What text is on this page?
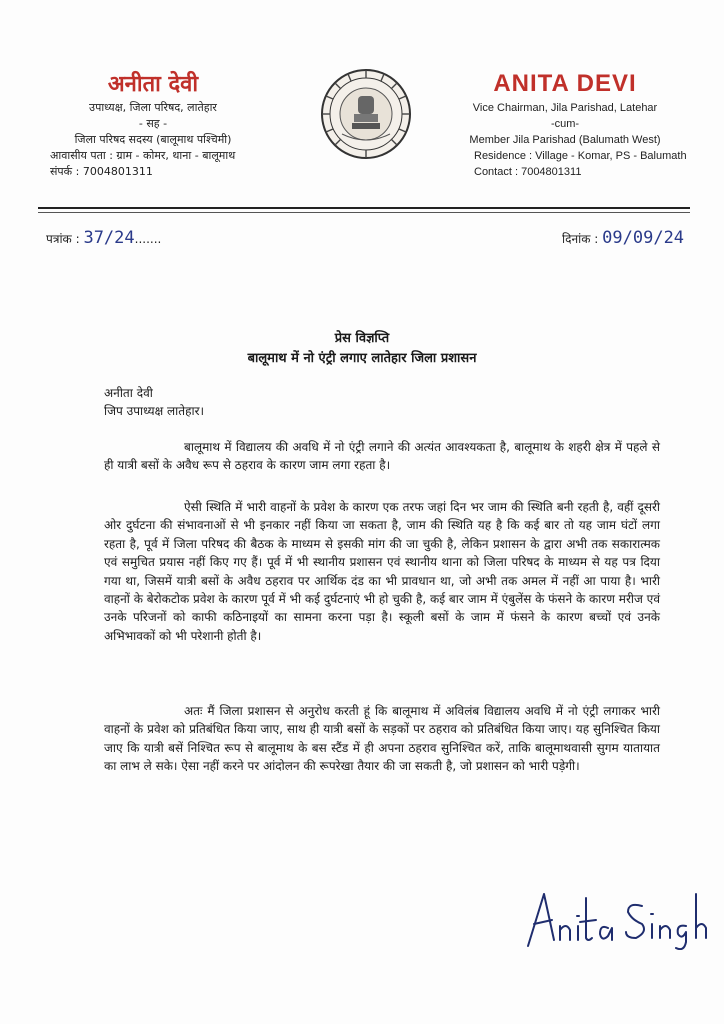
अनीता देवी
उपाध्यक्ष, जिला परिषद, लातेहार
- सह -
जिला परिषद सदस्य (बालूमाथ पश्चिमी)
आवासीय पता : ग्राम - कोमर, थाना - बालूमाथ
संपर्क : 7004801311
ANITA DEVI
Vice Chairman, Jila Parishad, Latehar
-cum-
Member Jila Parishad (Balumath West)
Residence : Village - Komar, PS - Balumath
Contact : 7004801311
पत्रांक : 37/24.......	दिनांक : 09/09/24
प्रेस विज्ञप्ति
बालूमाथ में नो एंट्री लगाए लातेहार जिला प्रशासन
अनीता देवी
जिप उपाध्यक्ष लातेहार।

बालूमाथ में विद्यालय की अवधि में नो एंट्री लगाने की अत्यंत आवश्यकता है, बालूमाथ के शहरी क्षेत्र में पहले से ही यात्री बसों के अवैध रूप से ठहराव के कारण जाम लगा रहता है।

ऐसी स्थिति में भारी वाहनों के प्रवेश के कारण एक तरफ जहां दिन भर जाम की स्थिति बनी रहती है, वहीं दूसरी ओर दुर्घटना की संभावनाओं से भी इनकार नहीं किया जा सकता है, जाम की स्थिति यह है कि कई बार तो यह जाम घंटों लगा रहता है, पूर्व में जिला परिषद की बैठक के माध्यम से इसकी मांग की जा चुकी है, लेकिन प्रशासन के द्वारा अभी तक सकारात्मक एवं समुचित प्रयास नहीं किए गए हैं। पूर्व में भी स्थानीय प्रशासन एवं स्थानीय थाना को जिला परिषद के माध्यम से यह पत्र दिया गया था, जिसमें यात्री बसों के अवैध ठहराव पर आर्थिक दंड का भी प्रावधान था, जो अभी तक अमल में नहीं आ पाया है। भारी वाहनों के बेरोकटोक प्रवेश के कारण पूर्व में भी कई दुर्घटनाएं भी हो चुकी है, कई बार जाम में एंबुलेंस के फंसने के कारण मरीज एवं उनके परिजनों को काफी कठिनाइयों का सामना करना पड़ा है। स्कूली बसों के जाम में फंसने के कारण बच्चों एवं उनके अभिभावकों को भी परेशानी होती है।

अतः मैं जिला प्रशासन से अनुरोध करती हूं कि बालूमाथ में अविलंब विद्यालय अवधि में नो एंट्री लगाकर भारी वाहनों के प्रवेश को प्रतिबंधित किया जाए, साथ ही यात्री बसों के सड़कों पर ठहराव को प्रतिबंधित किया जाए। यह सुनिश्चित किया जाए कि यात्री बसें निश्चित रूप से बालूमाथ के बस स्टैंड में ही अपना ठहराव सुनिश्चित करें, ताकि बालूमाथवासी सुगम यातायात का लाभ ले सके। ऐसा नहीं करने पर आंदोलन की रूपरेखा तैयार की जा सकती है, जो प्रशासन को भारी पड़ेगी।
